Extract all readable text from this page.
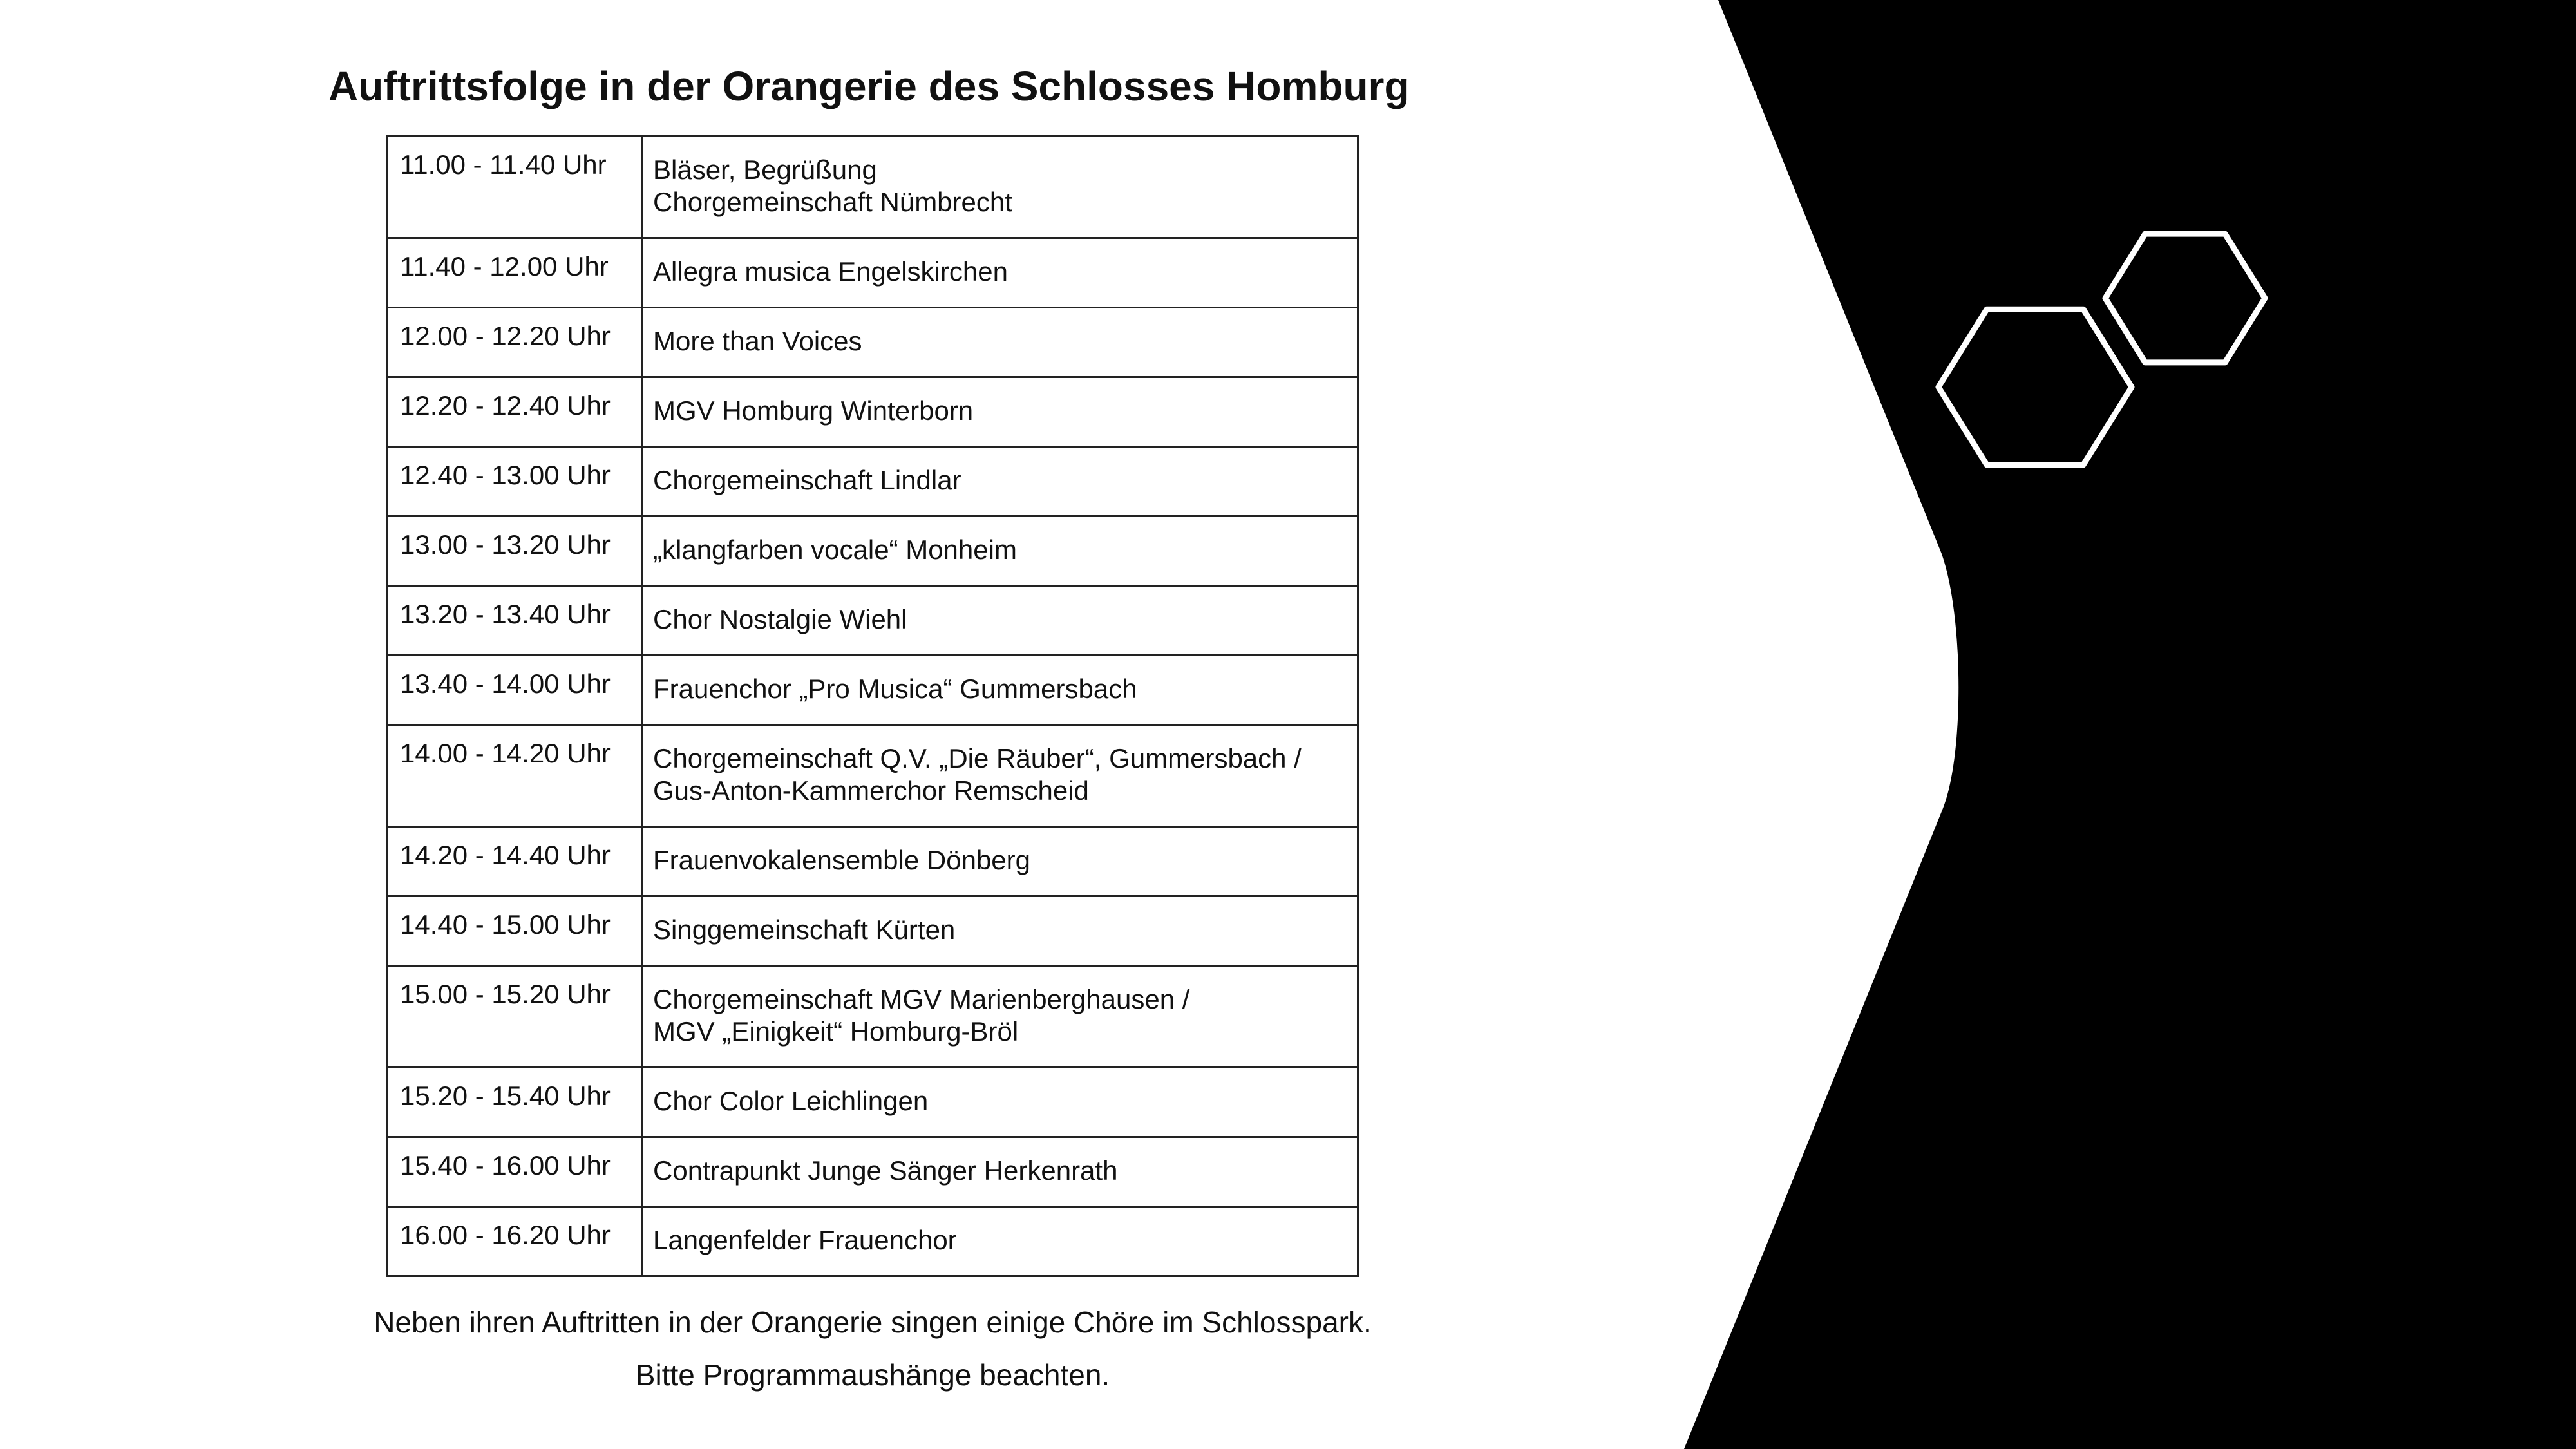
Auftrittsfolge in der Orangerie des Schlosses Homburg
11.00 - 11.40 Uhr	Bläser, Begrüßung
Chorgemeinschaft Nümbrecht

11.40 - 12.00 Uhr	Allegra musica Engelskirchen

12.00 - 12.20 Uhr	More than Voices

12.20 - 12.40 Uhr	MGV Homburg Winterborn

12.40 - 13.00 Uhr	Chorgemeinschaft Lindlar

13.00 - 13.20 Uhr	„klangfarben vocale“ Monheim

13.20 - 13.40 Uhr	Chor Nostalgie Wiehl

13.40 - 14.00 Uhr	Frauenchor „Pro Musica“ Gummersbach

14.00 - 14.20 Uhr	Chorgemeinschaft Q.V. „Die Räuber“, Gummersbach /
Gus-Anton-Kammerchor Remscheid

14.20 - 14.40 Uhr	Frauenvokalensemble Dönberg

14.40 - 15.00 Uhr	Singgemeinschaft Kürten

15.00 - 15.20 Uhr	Chorgemeinschaft MGV Marienberghausen /
MGV „Einigkeit“ Homburg-Bröl

15.20 - 15.40 Uhr	Chor Color Leichlingen

15.40 - 16.00 Uhr	Contrapunkt Junge Sänger Herkenrath

16.00 - 16.20 Uhr	Langenfelder Frauenchor
Neben ihren Auftritten in der Orangerie singen einige Chöre im Schlosspark.
Bitte Programmaushänge beachten.
